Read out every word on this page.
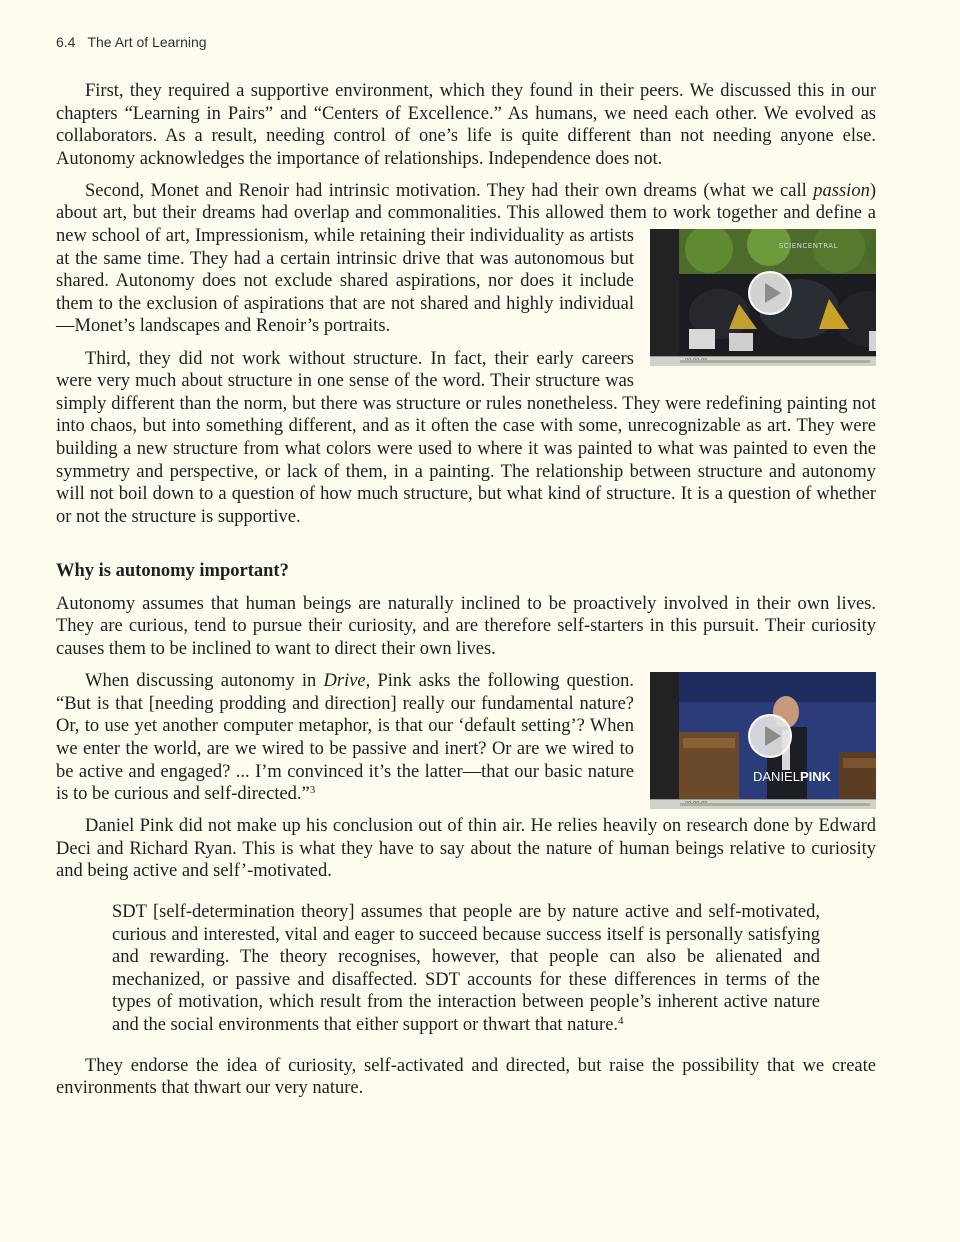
6.4 The Art of Learning

First, they required a supportive environment, which they found in their peers. We discussed this in our chapters “Learning in Pairs” and “Centers of Excellence.” As humans, we need each other. We evolved as collaborators. As a result, needing control of one’s life is quite different than not needing anyone else. Autonomy acknowledges the importance of relationships. Independence does not.

Second, Monet and Renoir had intrinsic motivation. They had their own dreams (what we call passion) about art, but their dreams had overlap and commonalities. This allowed them to work
SCIENCENTRAL
together and define a new school of art, Impressionism, while retaining their individuality as artists at the same time. They had a certain intrinsic drive that was autonomous but shared. Autonomy does not exclude shared aspirations, nor does it include them to the exclusion of aspirations that are not shared and highly individual—Monet’s landscapes and Renoir’s portraits.

Third, they did not work without structure. In fact, their early careers were very much about structure in one sense of the word. Their structure was simply different than the norm, but there was structure or rules nonetheless. They were redefining painting not into chaos, but into something different, and as it often the case with some, unrecognizable as art. They were building a new structure from what colors were used to where it was painted to what was painted to even the symmetry and perspective, or lack of them, in a painting. The relationship between structure and autonomy will not boil down to a question of how much structure, but what kind of structure. It is a question of whether or not the structure is supportive.

Why is autonomy important?

Autonomy assumes that human beings are naturally inclined to be proactively involved in their own lives. They are curious, tend to pursue their curiosity, and are therefore self-starters in this pursuit. Their curiosity causes them to be inclined to want to direct their own lives.

DANIELPINK
When discussing autonomy in Drive, Pink asks the following question. “But is that [needing prodding and direction] really our fundamental nature? Or, to use yet another computer metaphor, is that our ‘default setting’? When we enter the world, are we wired to be passive and inert? Or are we wired to be active and engaged? ... I’m convinced it’s the latter—that our basic nature is to be curious and self-directed.”$^3$

Daniel Pink did not make up his conclusion out of thin air. He relies heavily on research done by Edward Deci and Richard Ryan. This is what they have to say about the nature of human beings relative to curiosity and being active and self’-motivated.

SDT [self-determination theory] assumes that people are by nature active and self-motivated, curious and interested, vital and eager to succeed because success itself is personally satisfying and rewarding. The theory recognises, however, that people can also be alienated and mechanized, or passive and disaffected. SDT accounts for these differences in terms of the types of motivation, which result from the interaction between people’s inherent active nature and the social environments that either support or thwart that nature.$^4$

They endorse the idea of curiosity, self-activated and directed, but raise the possibility that we create environments that thwart our very nature.
